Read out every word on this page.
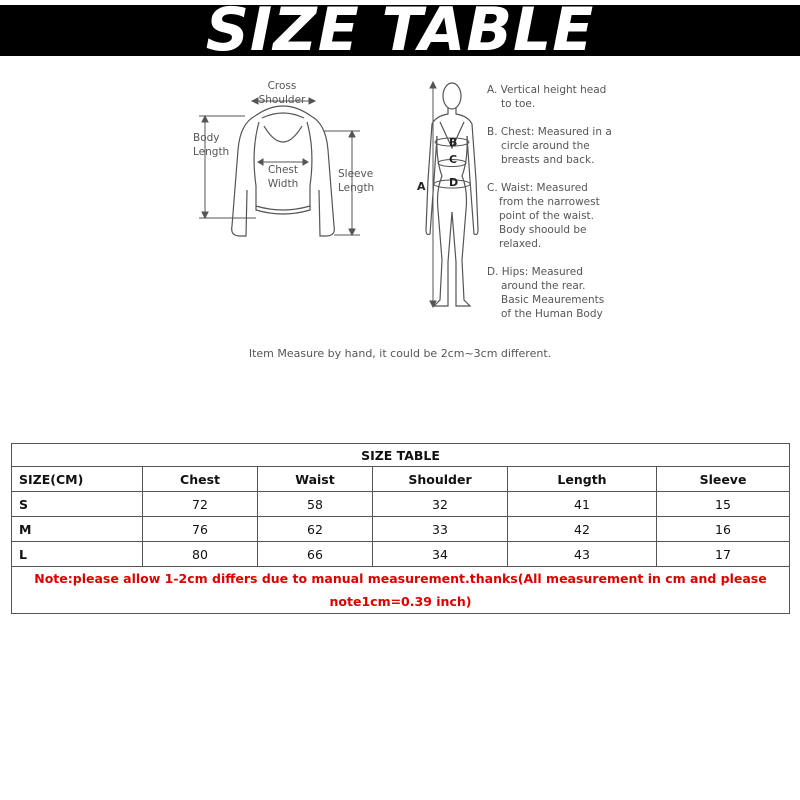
SIZE TABLE
Cross
Shoulder
Body
Length
Chest
Width
Sleeve
Length	A
B
C
D
A. Vertical height head
to toe.
B. Chest: Measured in a
circle around the
breasts and back.
C. Waist: Measured
from the narrowest
point of the waist.
Body shoould be
relaxed.
D. Hips: Measured
around the rear.
Basic Meaurements
of the Human Body
Item Measure by hand, it could be 2cm~3cm different.
SIZE TABLE					
SIZE(CM)	Chest	Waist	Shoulder	Length	Sleeve
S	72	58	32	41	15
M	76	62	33	42	16
L	80	66	34	43	17
Note:please allow 1-2cm differs due to manual measurement.thanks(All measurement in cm and please note1cm=0.39 inch)					
